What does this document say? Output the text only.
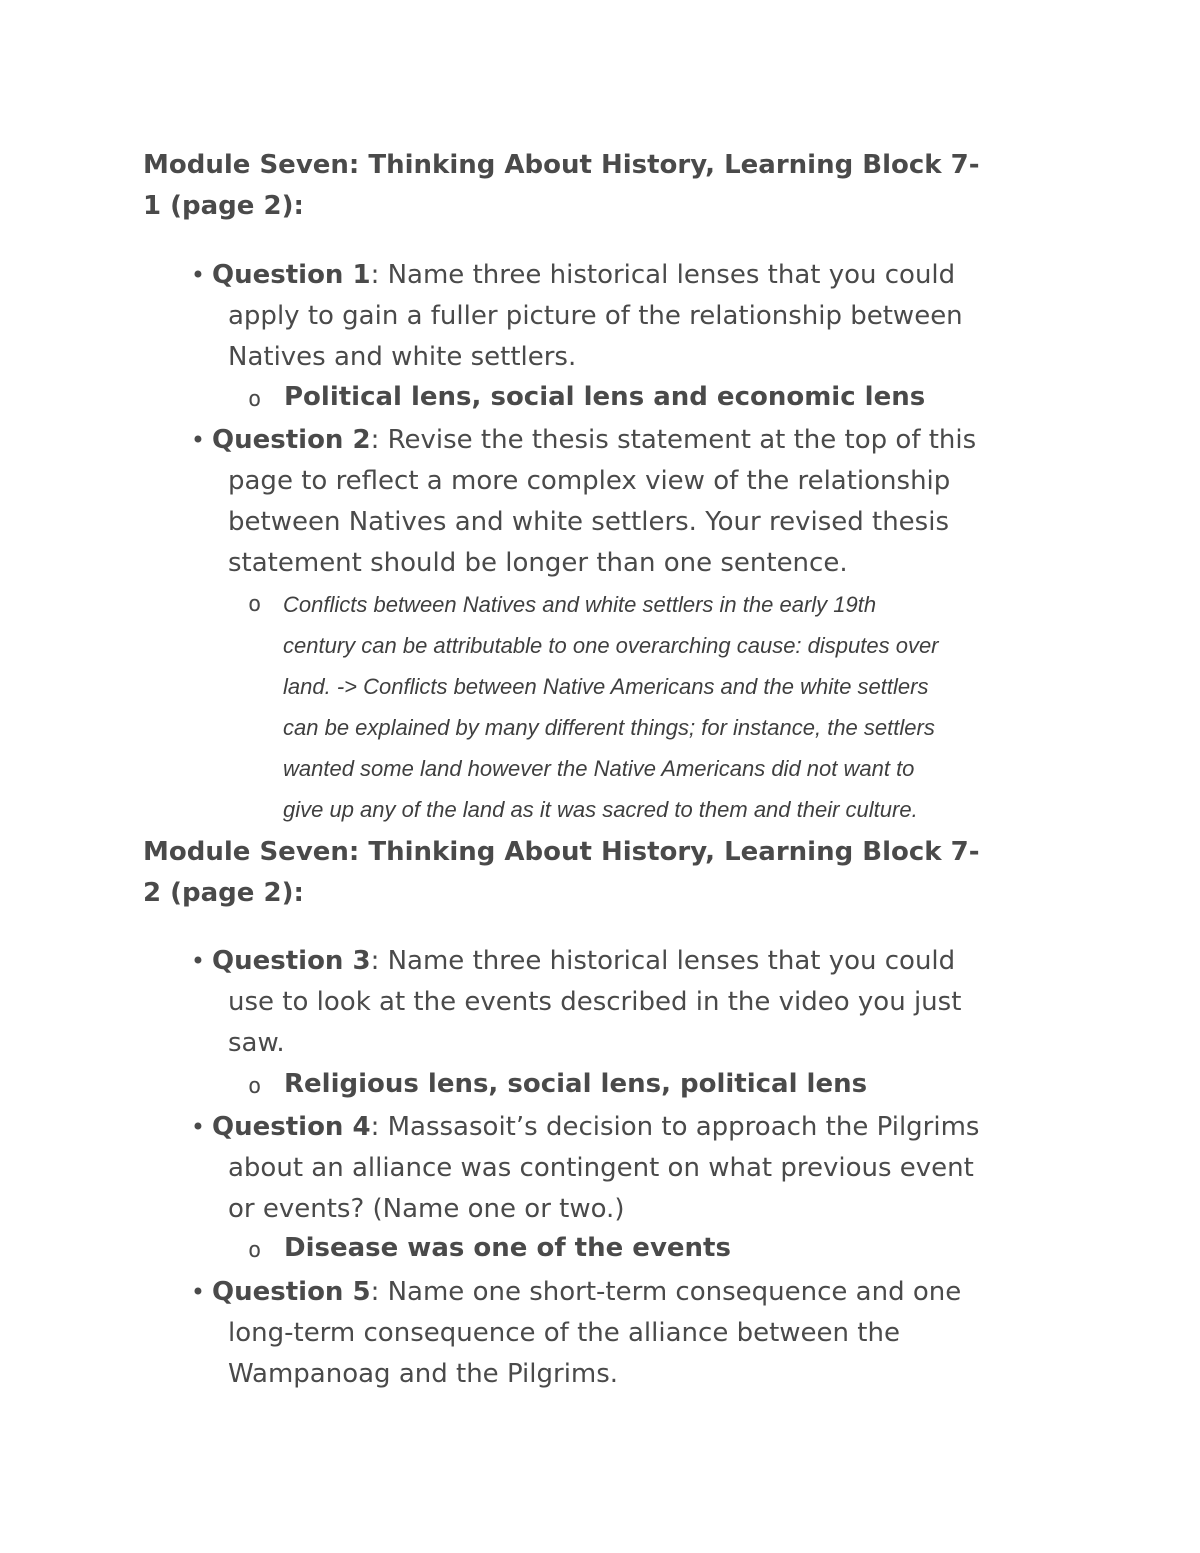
Module Seven: Thinking About History, Learning Block 7-
1 (page 2):
• Question 1: Name three historical lenses that you could
apply to gain a fuller picture of the relationship between
Natives and white settlers.
o Political lens, social lens and economic lens
• Question 2: Revise the thesis statement at the top of this
page to reflect a more complex view of the relationship
between Natives and white settlers. Your revised thesis
statement should be longer than one sentence.
o Conflicts between Natives and white settlers in the early 19th
century can be attributable to one overarching cause: disputes over
land. -> Conflicts between Native Americans and the white settlers
can be explained by many different things; for instance, the settlers
wanted some land however the Native Americans did not want to
give up any of the land as it was sacred to them and their culture.
Module Seven: Thinking About History, Learning Block 7-
2 (page 2):
• Question 3: Name three historical lenses that you could
use to look at the events described in the video you just
saw.
o Religious lens, social lens, political lens
• Question 4: Massasoit’s decision to approach the Pilgrims
about an alliance was contingent on what previous event
or events? (Name one or two.)
o Disease was one of the events
• Question 5: Name one short-term consequence and one
long-term consequence of the alliance between the
Wampanoag and the Pilgrims.
